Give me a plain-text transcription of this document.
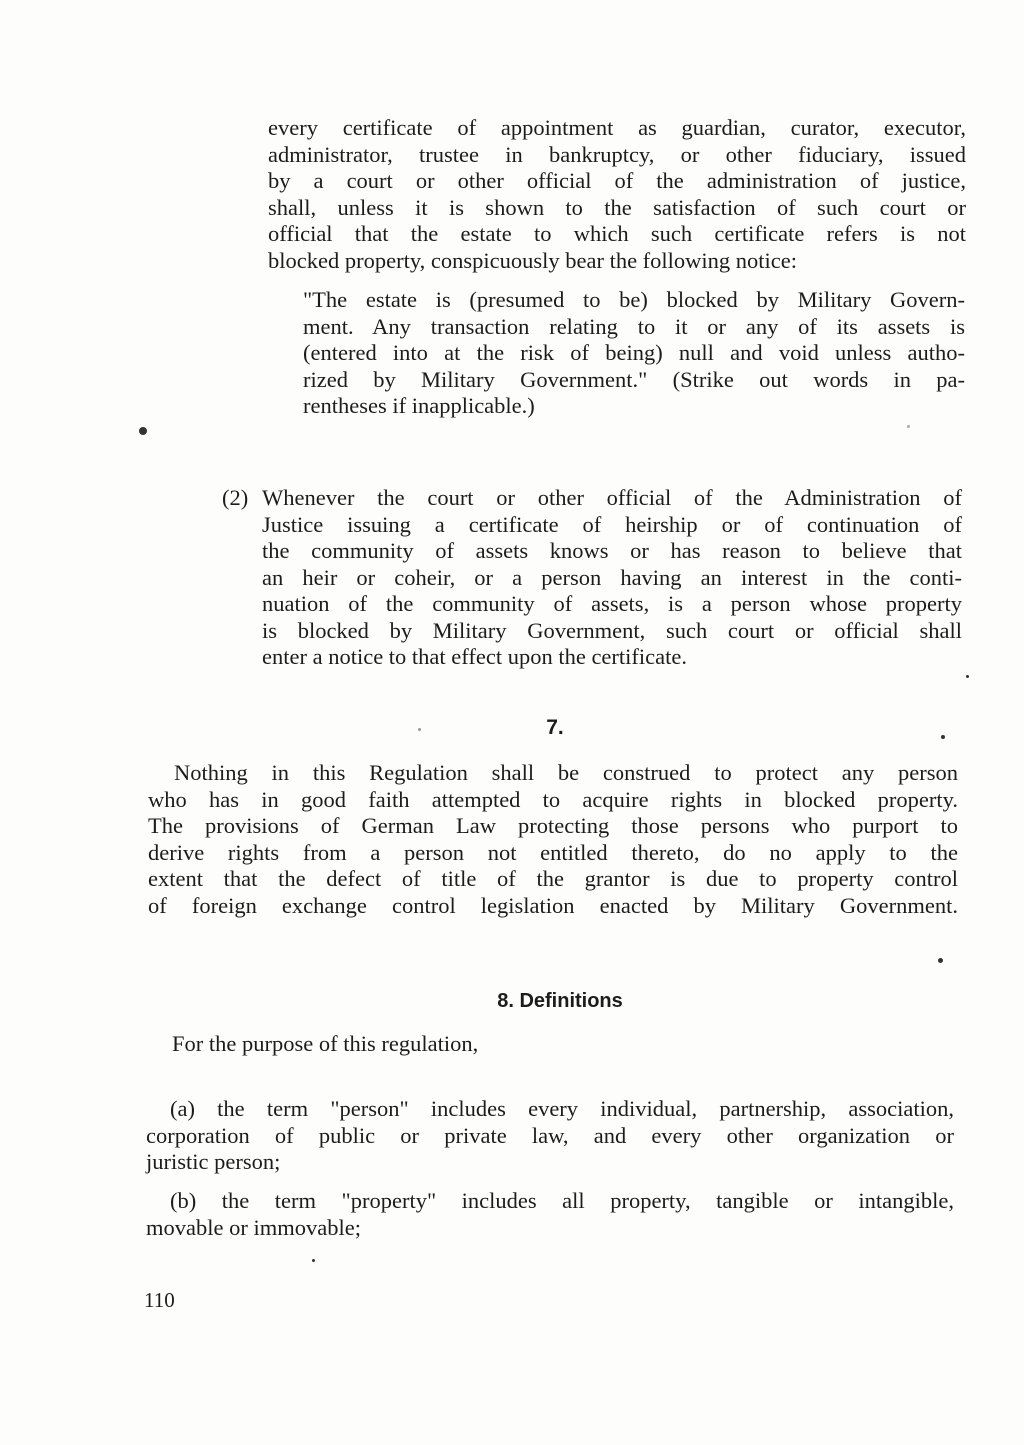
every certificate of appointment as guardian, curator, executor,
administrator, trustee in bankruptcy, or other fiduciary, issued
by a court or other official of the administration of justice,
shall, unless it is shown to the satisfaction of such court or
official that the estate to which such certificate refers is not
blocked property, conspicuously bear the following notice:
"The estate is (presumed to be) blocked by Military Govern-
ment. Any transaction relating to it or any of its assets is
(entered into at the risk of being) null and void unless autho-
rized by Military Government." (Strike out words in pa-
rentheses if inapplicable.)
(2) Whenever the court or other official of the Administration of
Justice issuing a certificate of heirship or of continuation of
the community of assets knows or has reason to believe that
an heir or coheir, or a person having an interest in the conti-
nuation of the community of assets, is a person whose property
is blocked by Military Government, such court or official shall
enter a notice to that effect upon the certificate.
7.
Nothing in this Regulation shall be construed to protect any person
who has in good faith attempted to acquire rights in blocked property.
The provisions of German Law protecting those persons who purport to
derive rights from a person not entitled thereto, do no apply to the
extent that the defect of title of the grantor is due to property control
of foreign exchange control legislation enacted by Military Government.
8. Definitions
For the purpose of this regulation,
(a) the term "person" includes every individual, partnership, association,
corporation of public or private law, and every other organization or
juristic person;
(b) the term "property" includes all property, tangible or intangible,
movable or immovable;
110
